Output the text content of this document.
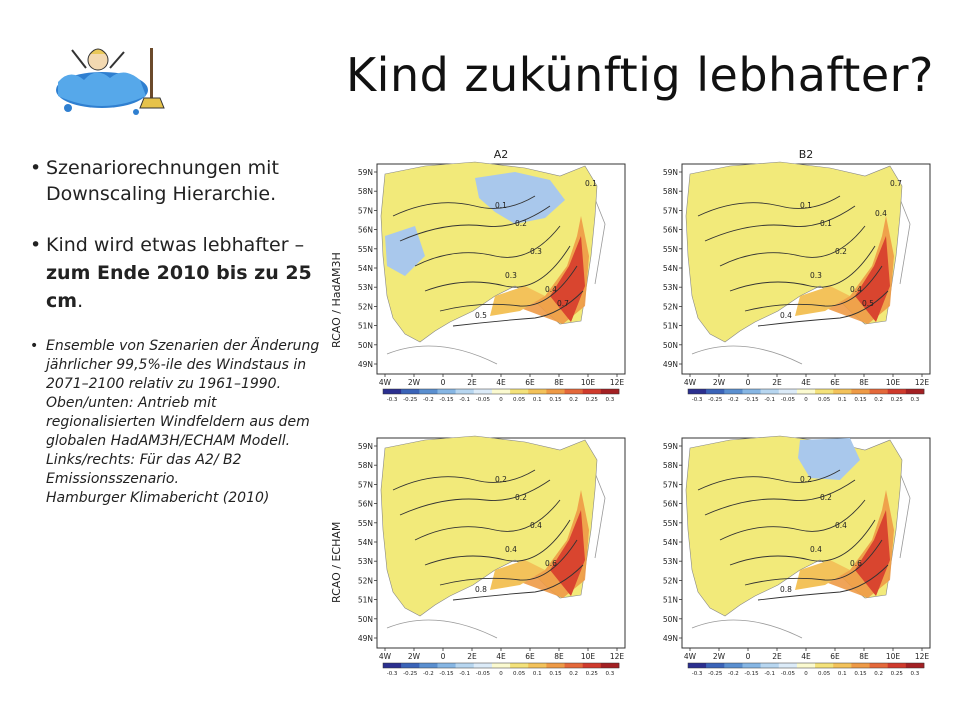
Kind zukünftig lebhafter?
• Szenariorechnungen mit Downscaling Hierarchie.
• Kind wird etwas lebhafter – zum Ende 2010 bis zu 25 cm.
• Ensemble von Szenarien der Änderung jährlicher 99,5%-ile des Windstaus in 2071–2100 relativ zu 1961–1990.
Oben/unten: Antrieb mit regionalisierten Windfeldern aus dem globalen HadAM3H/ECHAM Modell.
Links/rechts: Für das A2/ B2 Emissionsszenario.
Hamburger Klimabericht (2010)
RCAO / HadAM3H
RCAO / ECHAM
A2
0.1
0.2
0.3
0.3
0.4
0.5
0.7
0.1
59N
58N
57N
56N
55N
54N
53N
52N
51N
50N
49N
4W 2W	0	2E	4E	6E	8E 10E 12E
-0.3 -0.25 -0.2 -0.15 -0.1 -0.05 0 0.05 0.1 0.15 0.2 0.25 0.3
B2
0.1
0.1
0.2
0.3
0.4
0.4
0.5
0.7
0.4
59N
58N
57N
56N
55N
54N
53N
52N
51N
50N
49N
4W 2W	0	2E	4E	6E	8E 10E 12E
-0.3 -0.25 -0.2 -0.15 -0.1 -0.05 0 0.05 0.1 0.15 0.2 0.25 0.3
0.2
0.2
0.4
0.4
0.6
0.8
59N
58N
57N
56N
55N
54N
53N
52N
51N
50N
49N
4W 2W	0	2E	4E	6E	8E 10E 12E
-0.3 -0.25 -0.2 -0.15 -0.1 -0.05 0 0.05 0.1 0.15 0.2 0.25 0.3
0.2
0.2
0.4
0.4
0.6
0.8
59N
58N
57N
56N
55N
54N
53N
52N
51N
50N
49N
4W 2W	0	2E	4E	6E	8E 10E 12E
-0.3 -0.25 -0.2 -0.15 -0.1 -0.05 0 0.05 0.1 0.15 0.2 0.25 0.3
